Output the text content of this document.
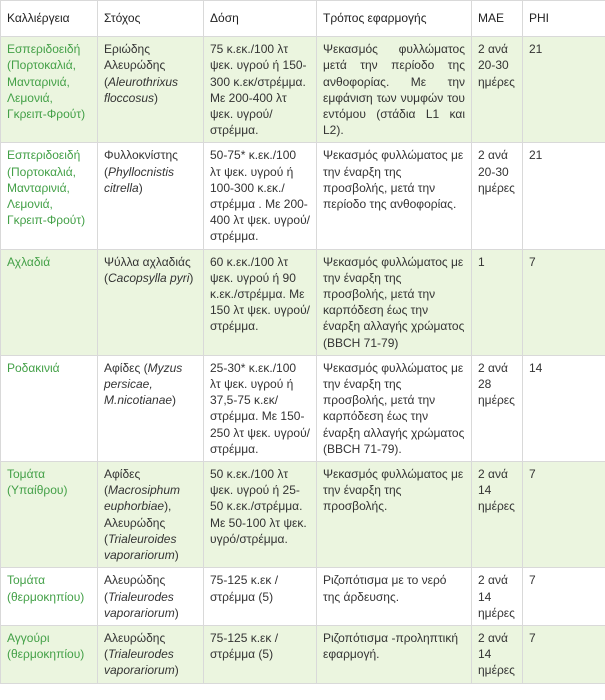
Καλλιέργεια	Στόχος	Δόση	Τρόπος εφαρμογής	ΜΑΕ	PHI
Εσπεριδοειδή (Πορτοκαλιά, Μανταρινιά, Λεμονιά, Γκρειπ-Φρούτ)	Εριώδης Αλευρώδης (Aleurothrixus floccosus)	75 κ.εκ./100 λτ ψεκ. υγρού ή 150-300 κ.εκ/στρέμμα. Με 200-400 λτ ψεκ. υγρού/ στρέμμα.	Ψεκασμός φυλλώματος μετά την περίοδο της ανθοφορίας. Με την εμφάνιση των νυμφών του εντόμου (στάδια L1 και L2).	2 ανά 20-30 ημέρες	21
Εσπεριδοειδή (Πορτοκαλιά, Μανταρινιά, Λεμονιά, Γκρειπ-Φρούτ)	Φυλλοκνίστης (Phyllocnistis citrella)	50-75* κ.εκ./100 λτ ψεκ. υγρού ή 100-300 κ.εκ./ στρέμμα . Με 200-400 λτ ψεκ. υγρού/ στρέμμα.	Ψεκασμός φυλλώματος με την έναρξη της προσβολής, μετά την περίοδο της ανθοφορίας.	2 ανά 20-30 ημέρες	21
Αχλαδιά	Ψύλλα αχλαδιάς (Cacopsylla pyri)	60 κ.εκ./100 λτ ψεκ. υγρού ή 90 κ.εκ./στρέμμα. Με 150 λτ ψεκ. υγρού/ στρέμμα.	Ψεκασμός φυλλώματος με την έναρξη της προσβολής, μετά την καρπόδεση έως την έναρξη αλλαγής χρώματος (BBCH 71-79)	1	7
Ροδακινιά	Αφίδες (Myzus persicae, M.nicotianae)	25-30* κ.εκ./100 λτ ψεκ. υγρού ή 37,5-75 κ.εκ/ στρέμμα. Με 150-250 λτ ψεκ. υγρού/ στρέμμα.	Ψεκασμός φυλλώματος με την έναρξη της προσβολής, μετά την καρπόδεση έως την έναρξη αλλαγής χρώματος (BBCH 71-79).	2 ανά 28 ημέρες	14
Τομάτα (Υπαίθρου)	Αφίδες (Macrosiphum euphorbiae), Αλευρώδης (Trialeuroides vaporariorum)	50 κ.εκ./100 λτ ψεκ. υγρού ή 25-50 κ.εκ./στρέμμα. Με 50-100 λτ ψεκ. υγρό/στρέμμα.	Ψεκασμός φυλλώματος με την έναρξη της προσβολής.	2 ανά 14 ημέρες	7
Τομάτα (θερμοκηπίου)	Αλευρώδης (Trialeurodes vaporariorum)	75-125 κ.εκ / στρέμμα (5)	Ριζοπότισμα με το νερό της άρδευσης.	2 ανά 14 ημέρες	7
Αγγούρι (θερμοκηπίου)	Αλευρώδης (Trialeurodes vaporariorum)	75-125 κ.εκ / στρέμμα (5)	Ριζοπότισμα -προληπτική εφαρμογή.	2 ανά 14 ημέρες	7
